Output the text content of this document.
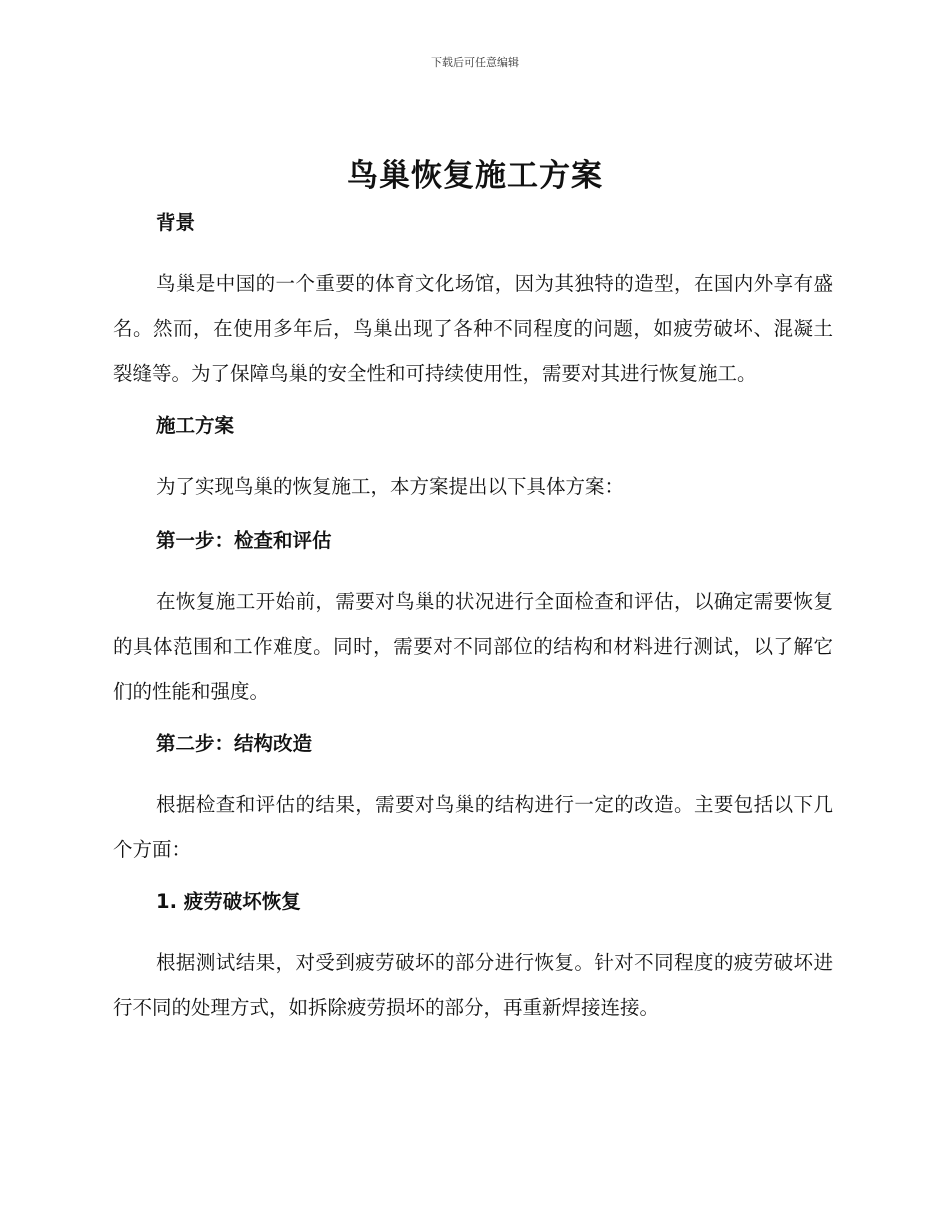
下载后可任意编辑
鸟巢恢复施工方案
背景

鸟巢是中国的一个重要的体育文化场馆，因为其独特的造型，在国内外享有盛名。然而，在使用多年后，鸟巢出现了各种不同程度的问题，如疲劳破坏、混凝土裂缝等。为了保障鸟巢的安全性和可持续使用性，需要对其进行恢复施工。

施工方案

为了实现鸟巢的恢复施工，本方案提出以下具体方案：

第一步：检查和评估

在恢复施工开始前，需要对鸟巢的状况进行全面检查和评估，以确定需要恢复的具体范围和工作难度。同时，需要对不同部位的结构和材料进行测试，以了解它们的性能和强度。

第二步：结构改造

根据检查和评估的结果，需要对鸟巢的结构进行一定的改造。主要包括以下几个方面：

1. 疲劳破坏恢复

根据测试结果，对受到疲劳破坏的部分进行恢复。针对不同程度的疲劳破坏进行不同的处理方式，如拆除疲劳损坏的部分，再重新焊接连接。
